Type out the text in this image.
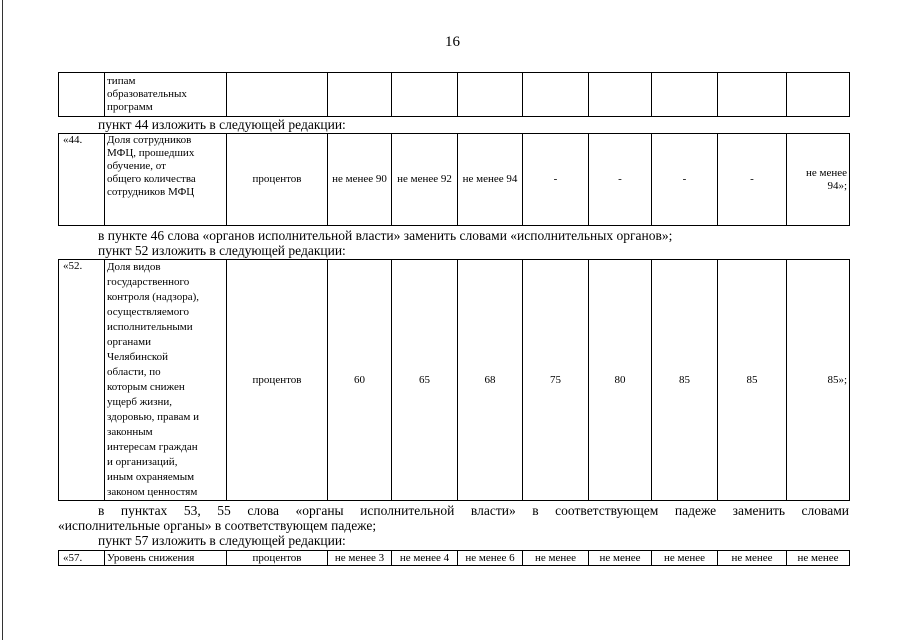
16

типам
образовательных
программ

пункт 44 изложить в следующей редакции:
«44.	Доля сотрудников
МФЦ, прошедших
обучение, от
общего количества
сотрудников МФЦ
	процентов	не менее 90	не менее 92	не менее 94	-	-	-	-	не менее 94»;
в пункте 46 слова «органов исполнительной власти» заменить словами «исполнительных органов»;
пункт 52 изложить в следующей редакции:
«52.	Доля видов
государственного
контроля (надзора),
осуществляемого
исполнительными
органами
Челябинской
области, по
которым снижен
ущерб жизни,
здоровью, правам и
законным
интересам граждан
и организаций,
иным охраняемым
законом ценностям
	процентов	60	65	68	75	80	85	85	85»;
в пунктах 53, 55 слова «органы исполнительной власти» в соответствующем падеже заменить словами
«исполнительные органы» в соответствующем падеже;
пункт 57 изложить в следующей редакции:
«57.	Уровень снижения	процентов	не менее 3	не менее 4	не менее 6	не менее	не менее	не менее	не менее	не менее
